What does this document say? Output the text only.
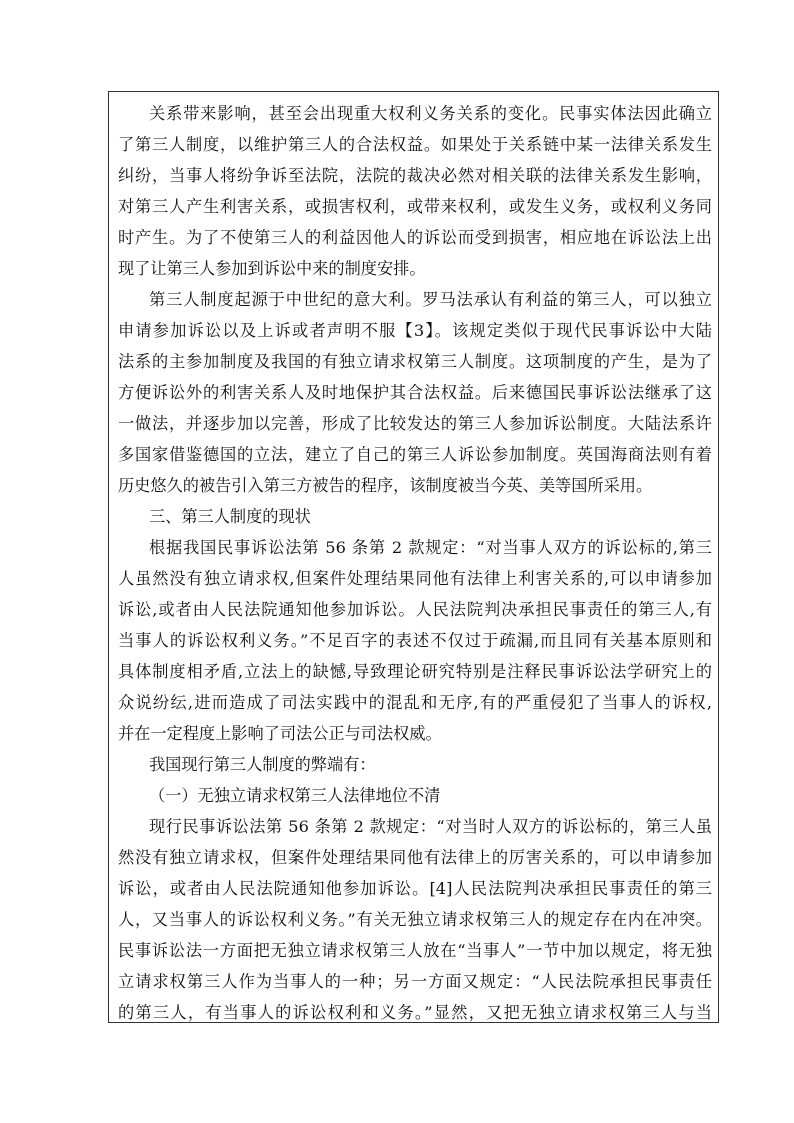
关系带来影响，甚至会出现重大权利义务关系的变化。民事实体法因此确立
了第三人制度，以维护第三人的合法权益。如果处于关系链中某一法律关系发生
纠纷，当事人将纷争诉至法院，法院的裁决必然对相关联的法律关系发生影响，
对第三人产生利害关系，或损害权利，或带来权利，或发生义务，或权利义务同
时产生。为了不使第三人的利益因他人的诉讼而受到损害，相应地在诉讼法上出
现了让第三人参加到诉讼中来的制度安排。
第三人制度起源于中世纪的意大利。罗马法承认有利益的第三人，可以独立
申请参加诉讼以及上诉或者声明不服【3】。该规定类似于现代民事诉讼中大陆
法系的主参加制度及我国的有独立请求权第三人制度。这项制度的产生，是为了
方便诉讼外的利害关系人及时地保护其合法权益。后来德国民事诉讼法继承了这
一做法，并逐步加以完善，形成了比较发达的第三人参加诉讼制度。大陆法系许
多国家借鉴德国的立法，建立了自己的第三人诉讼参加制度。英国海商法则有着
历史悠久的被告引入第三方被告的程序，该制度被当今英、美等国所采用。
三、第三人制度的现状
根据我国民事诉讼法第 56 条第 2 款规定：“对当事人双方的诉讼标的,第三
人虽然没有独立请求权,但案件处理结果同他有法律上利害关系的,可以申请参加
诉讼,或者由人民法院通知他参加诉讼。人民法院判决承担民事责任的第三人,有
当事人的诉讼权利义务。”不足百字的表述不仅过于疏漏,而且同有关基本原则和
具体制度相矛盾,立法上的缺憾,导致理论研究特别是注释民事诉讼法学研究上的
众说纷纭,进而造成了司法实践中的混乱和无序,有的严重侵犯了当事人的诉权,
并在一定程度上影响了司法公正与司法权威。
我国现行第三人制度的弊端有：
（一）无独立请求权第三人法律地位不清
现行民事诉讼法第 56 条第 2 款规定：“对当时人双方的诉讼标的，第三人虽
然没有独立请求权，但案件处理结果同他有法律上的厉害关系的，可以申请参加
诉讼，或者由人民法院通知他参加诉讼。[4]人民法院判决承担民事责任的第三
人，又当事人的诉讼权利义务。”有关无独立请求权第三人的规定存在内在冲突。
民事诉讼法一方面把无独立请求权第三人放在“当事人”一节中加以规定，将无独
立请求权第三人作为当事人的一种；另一方面又规定：“人民法院承担民事责任
的第三人，有当事人的诉讼权利和义务。”显然，又把无独立请求权第三人与当
